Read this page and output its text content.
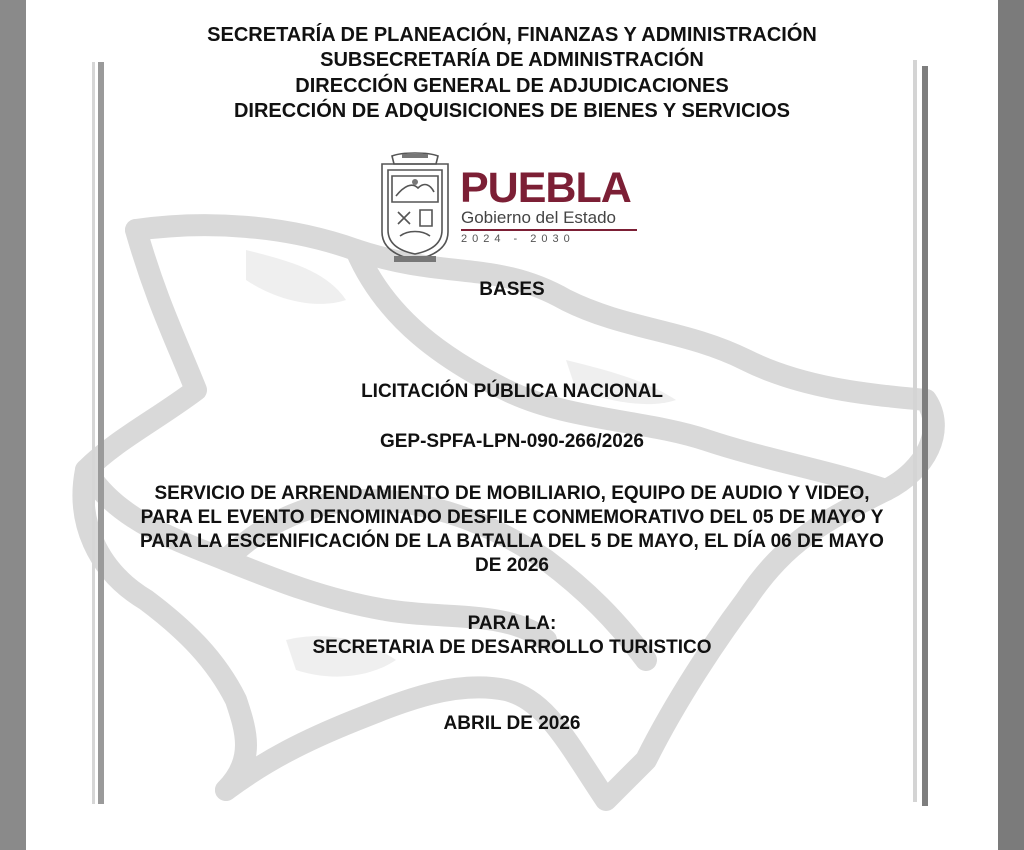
SECRETARÍA DE PLANEACIÓN, FINANZAS Y ADMINISTRACIÓN
SUBSECRETARÍA DE ADMINISTRACIÓN
DIRECCIÓN GENERAL DE ADJUDICACIONES
DIRECCIÓN DE ADQUISICIONES DE BIENES Y SERVICIOS
PUEBLA
Gobierno del Estado
2024 - 2030
BASES
LICITACIÓN PÚBLICA NACIONAL
GEP-SPFA-LPN-090-266/2026
SERVICIO DE ARRENDAMIENTO DE MOBILIARIO, EQUIPO DE AUDIO Y VIDEO, PARA EL EVENTO DENOMINADO DESFILE CONMEMORATIVO DEL 05 DE MAYO Y PARA LA ESCENIFICACIÓN DE LA BATALLA DEL 5 DE MAYO, EL DÍA 06 DE MAYO DE 2026
PARA LA:
SECRETARIA DE DESARROLLO TURISTICO
ABRIL DE 2026
